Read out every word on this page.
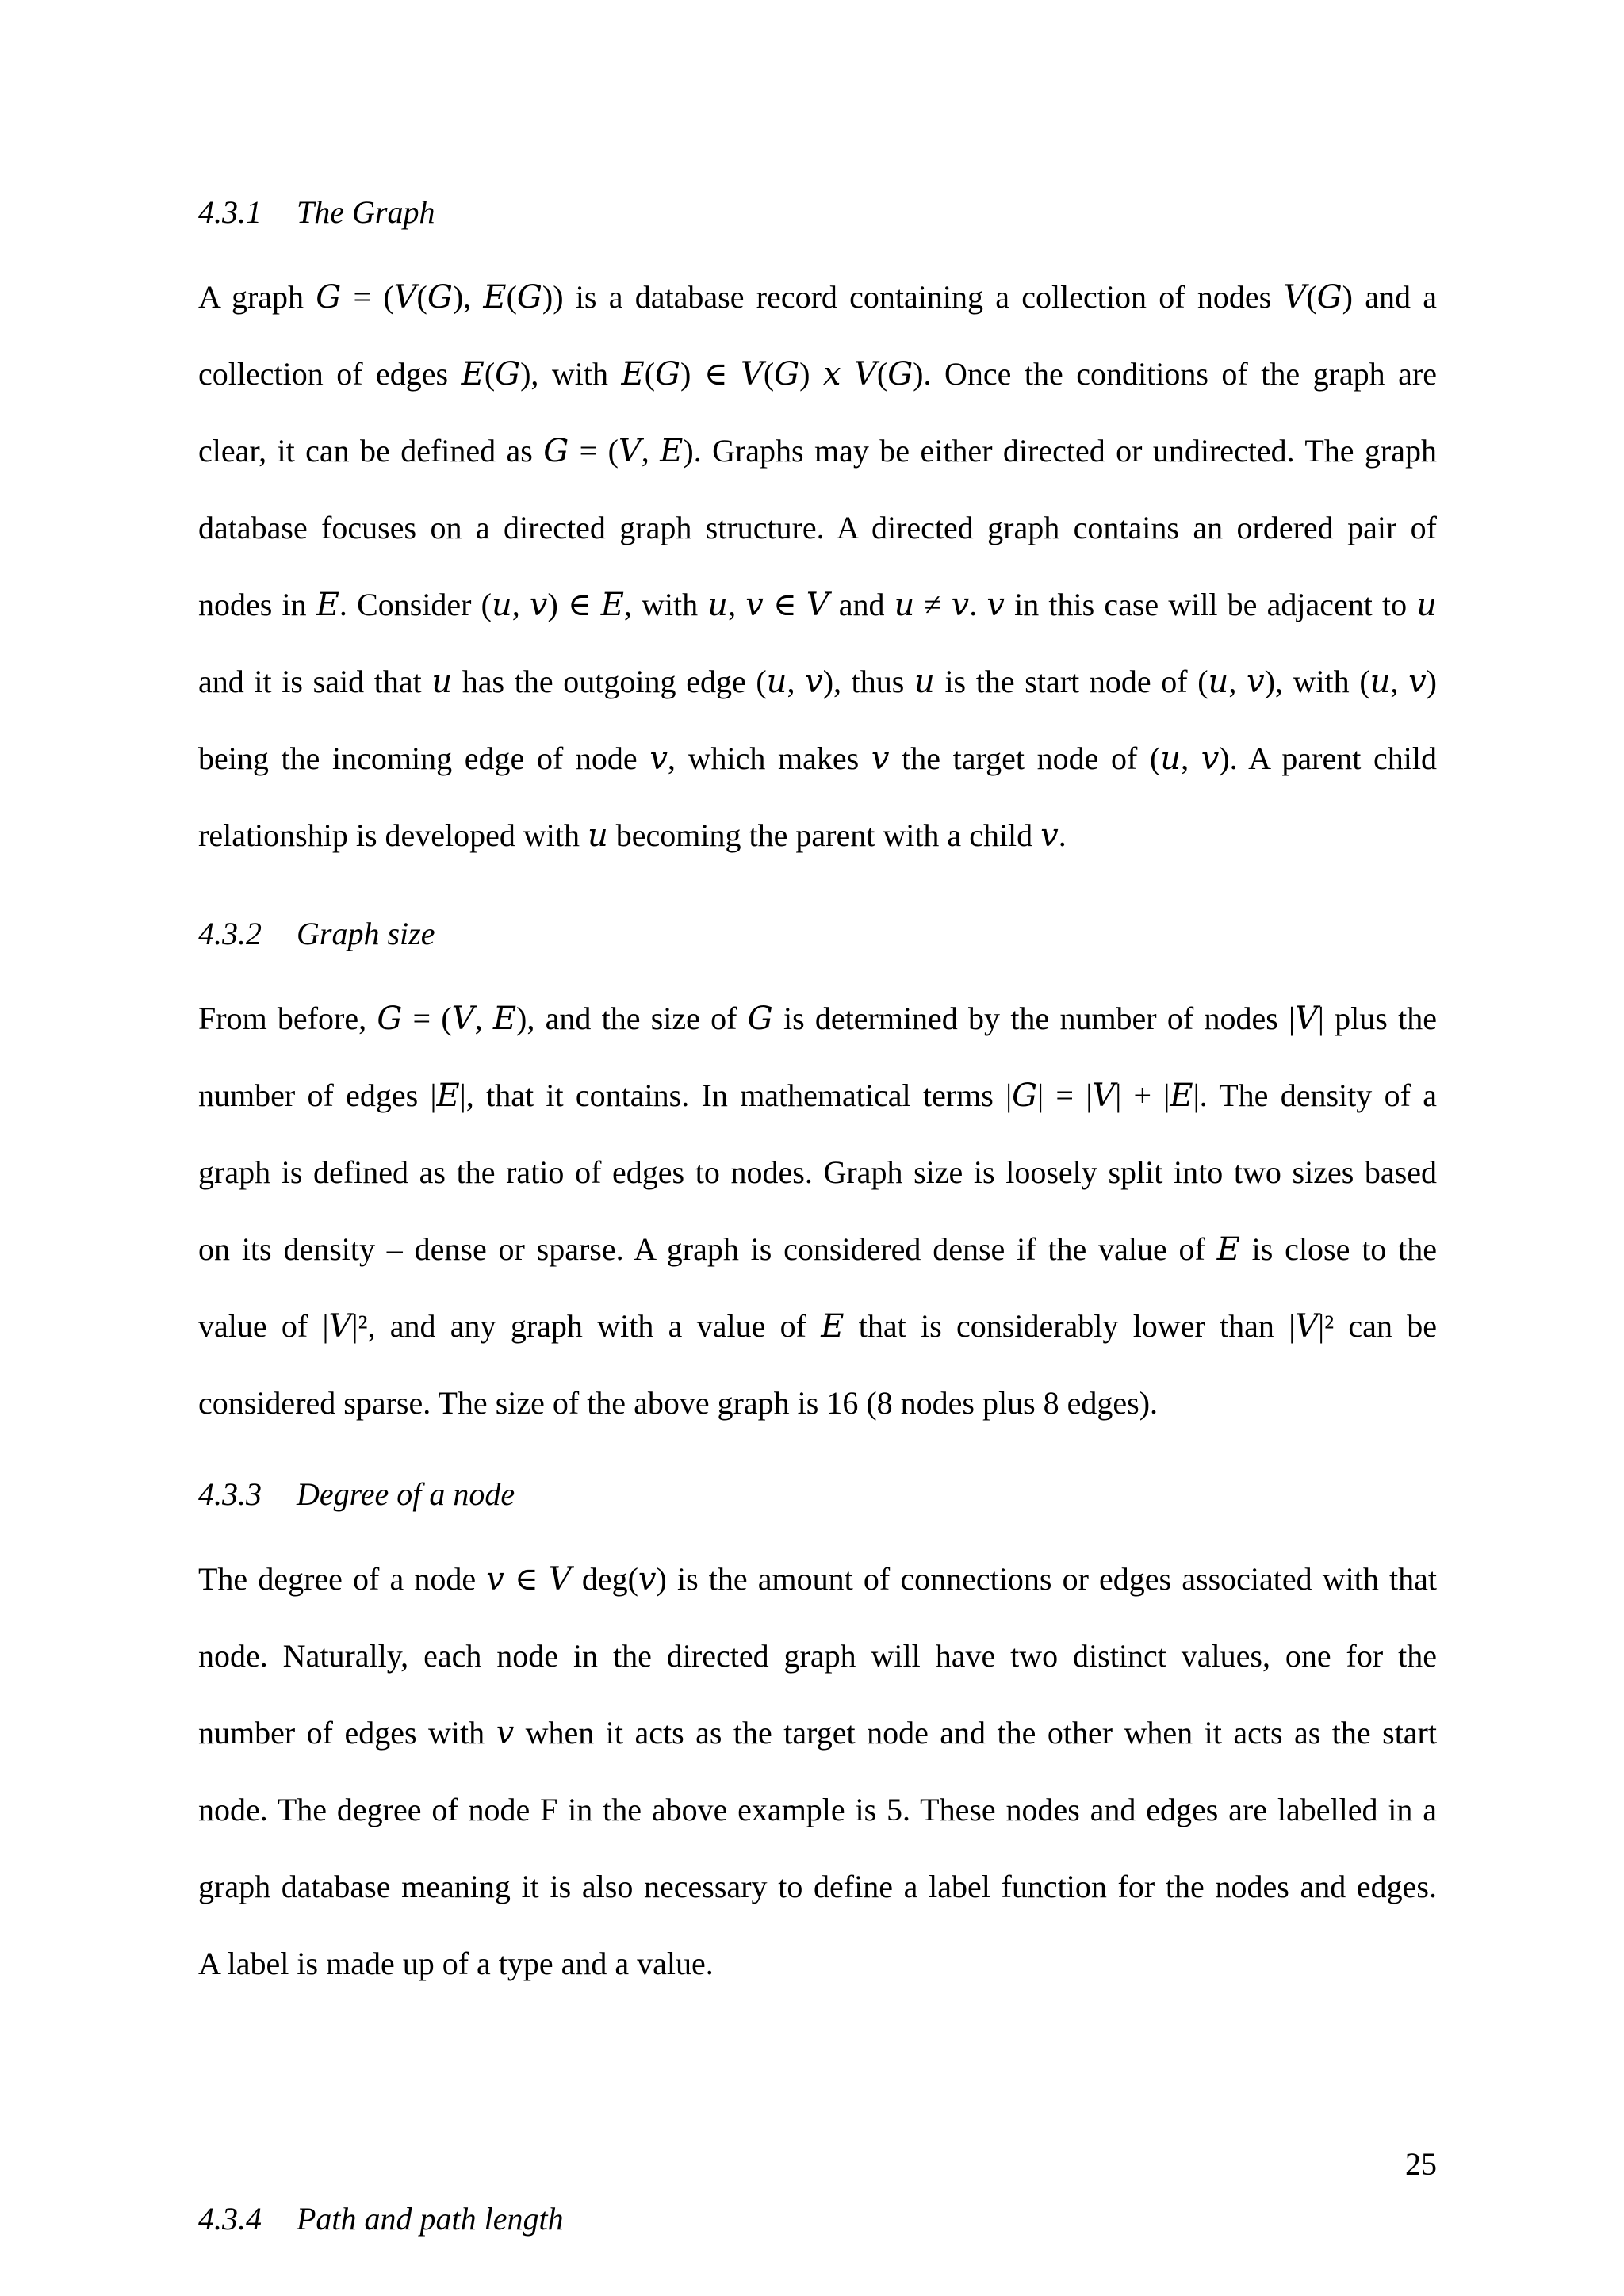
4.3.1 The Graph
A graph 𝐺 = (𝑉(𝐺), 𝐸(𝐺)) is a database record containing a collection of nodes 𝑉(𝐺) and a
collection of edges 𝐸(𝐺), with 𝐸(𝐺) ∈ 𝑉(𝐺) 𝑥 𝑉(𝐺). Once the conditions of the graph are
clear, it can be defined as 𝐺 = (𝑉, 𝐸). Graphs may be either directed or undirected. The graph
database focuses on a directed graph structure. A directed graph contains an ordered pair of
nodes in 𝐸. Consider (𝑢, 𝑣) ∈ 𝐸, with 𝑢, 𝑣 ∈ 𝑉 and 𝑢 ≠ 𝑣. 𝑣 in this case will be adjacent to 𝑢
and it is said that 𝑢 has the outgoing edge (𝑢, 𝑣), thus 𝑢 is the start node of (𝑢, 𝑣), with (𝑢, 𝑣)
being the incoming edge of node 𝑣, which makes 𝑣 the target node of (𝑢, 𝑣). A parent child
relationship is developed with 𝑢 becoming the parent with a child 𝑣.
4.3.2 Graph size
From before, 𝐺 = (𝑉, 𝐸), and the size of 𝐺 is determined by the number of nodes |𝑉| plus the
number of edges |𝐸|, that it contains. In mathematical terms |𝐺| = |𝑉| + |𝐸|. The density of a
graph is defined as the ratio of edges to nodes. Graph size is loosely split into two sizes based
on its density – dense or sparse. A graph is considered dense if the value of 𝐸 is close to the
value of |𝑉|², and any graph with a value of 𝐸 that is considerably lower than |𝑉|² can be
considered sparse. The size of the above graph is 16 (8 nodes plus 8 edges).
4.3.3 Degree of a node
The degree of a node 𝑣 ∈ 𝑉 deg(𝑣) is the amount of connections or edges associated with that
node. Naturally, each node in the directed graph will have two distinct values, one for the
number of edges with 𝑣 when it acts as the target node and the other when it acts as the start
node. The degree of node F in the above example is 5. These nodes and edges are labelled in a
graph database meaning it is also necessary to define a label function for the nodes and edges.
A label is made up of a type and a value.
4.3.4 Path and path length
25
